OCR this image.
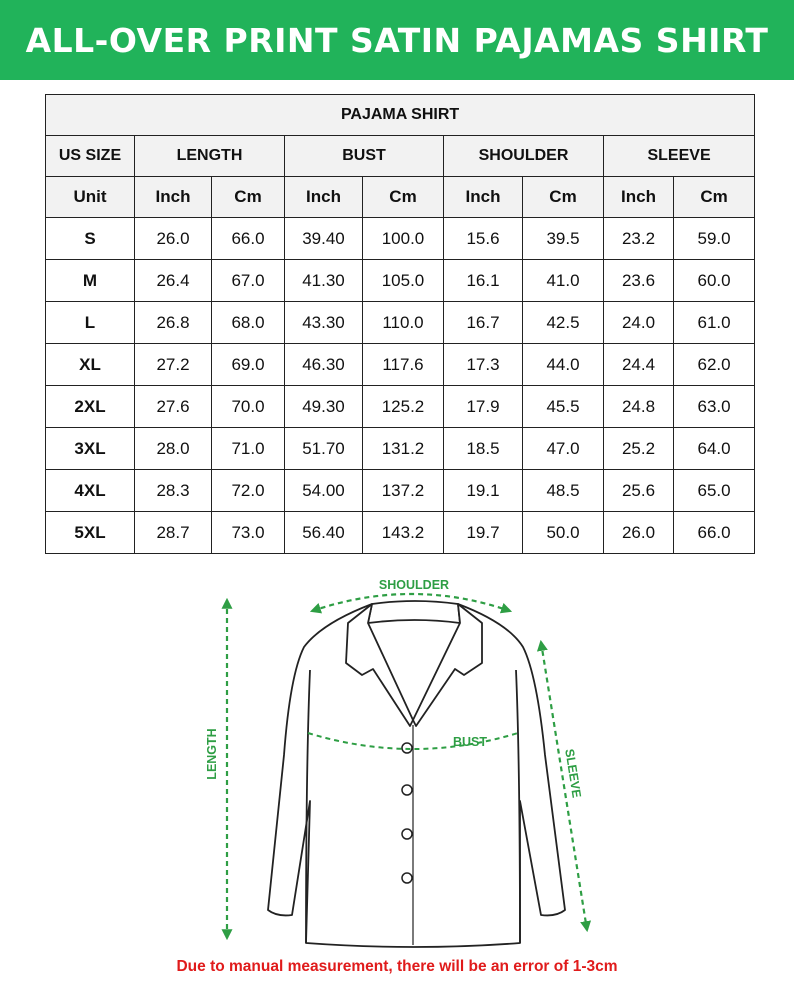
ALL-OVER PRINT SATIN PAJAMAS SHIRT
PAJAMA SHIRT								
US SIZE	LENGTH		BUST		SHOULDER		SLEEVE	
Unit	Inch	Cm	Inch	Cm	Inch	Cm	Inch	Cm
S	26.0	66.0	39.40	100.0	15.6	39.5	23.2	59.0
M	26.4	67.0	41.30	105.0	16.1	41.0	23.6	60.0
L	26.8	68.0	43.30	110.0	16.7	42.5	24.0	61.0
XL	27.2	69.0	46.30	117.6	17.3	44.0	24.4	62.0
2XL	27.6	70.0	49.30	125.2	17.9	45.5	24.8	63.0
3XL	28.0	71.0	51.70	131.2	18.5	47.0	25.2	64.0
4XL	28.3	72.0	54.00	137.2	19.1	48.5	25.6	65.0
5XL	28.7	73.0	56.40	143.2	19.7	50.0	26.0	66.0
SHOULDER
BUST
LENGTH	SLEEVE
Due to manual measurement, there will be an error of 1-3cm
